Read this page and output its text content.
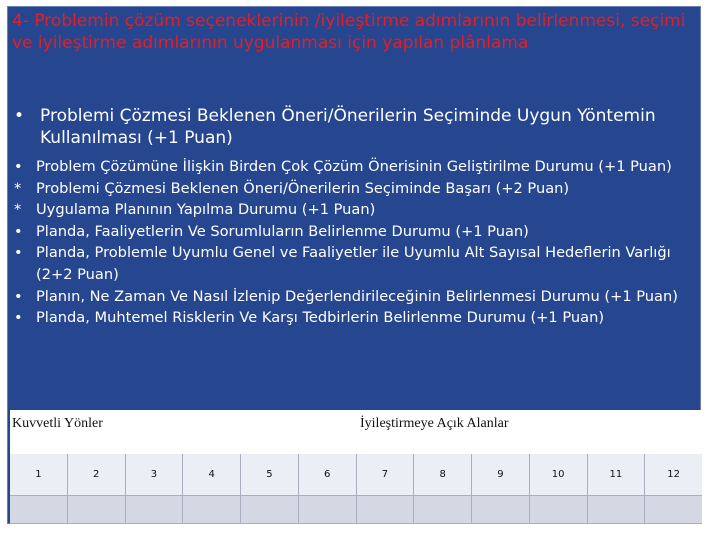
4- Problemin çözüm seçeneklerinin /iyileştirme adımlarının belirlenmesi, seçimi ve iyileştirme adımlarının uygulanması için yapılan plânlama

• Problemi Çözmesi Beklenen Öneri/Önerilerin Seçiminde Uygun Yöntemin Kullanılması (+1 Puan)
• Problem Çözümüne İlişkin Birden Çok Çözüm Önerisinin Geliştirilme Durumu (+1 Puan)
*	Problemi Çözmesi Beklenen Öneri/Önerilerin Seçiminde Başarı (+2 Puan)
*	Uygulama Planının Yapılma Durumu (+1 Puan)
• Planda, Faaliyetlerin Ve Sorumluların Belirlenme Durumu (+1 Puan)
• Planda, Problemle Uyumlu Genel ve Faaliyetler ile Uyumlu Alt Sayısal Hedeflerin Varlığı (2+2 Puan)
• Planın, Ne Zaman Ve Nasıl İzlenip Değerlendirileceğinin Belirlenmesi Durumu (+1 Puan)
• Planda, Muhtemel Risklerin Ve Karşı Tedbirlerin Belirlenme Durumu (+1 Puan)
Kuvvetli Yönler	İyileştirmeye Açık Alanlar
1	2	3	4	5	6	7	8	9	10	11	12
